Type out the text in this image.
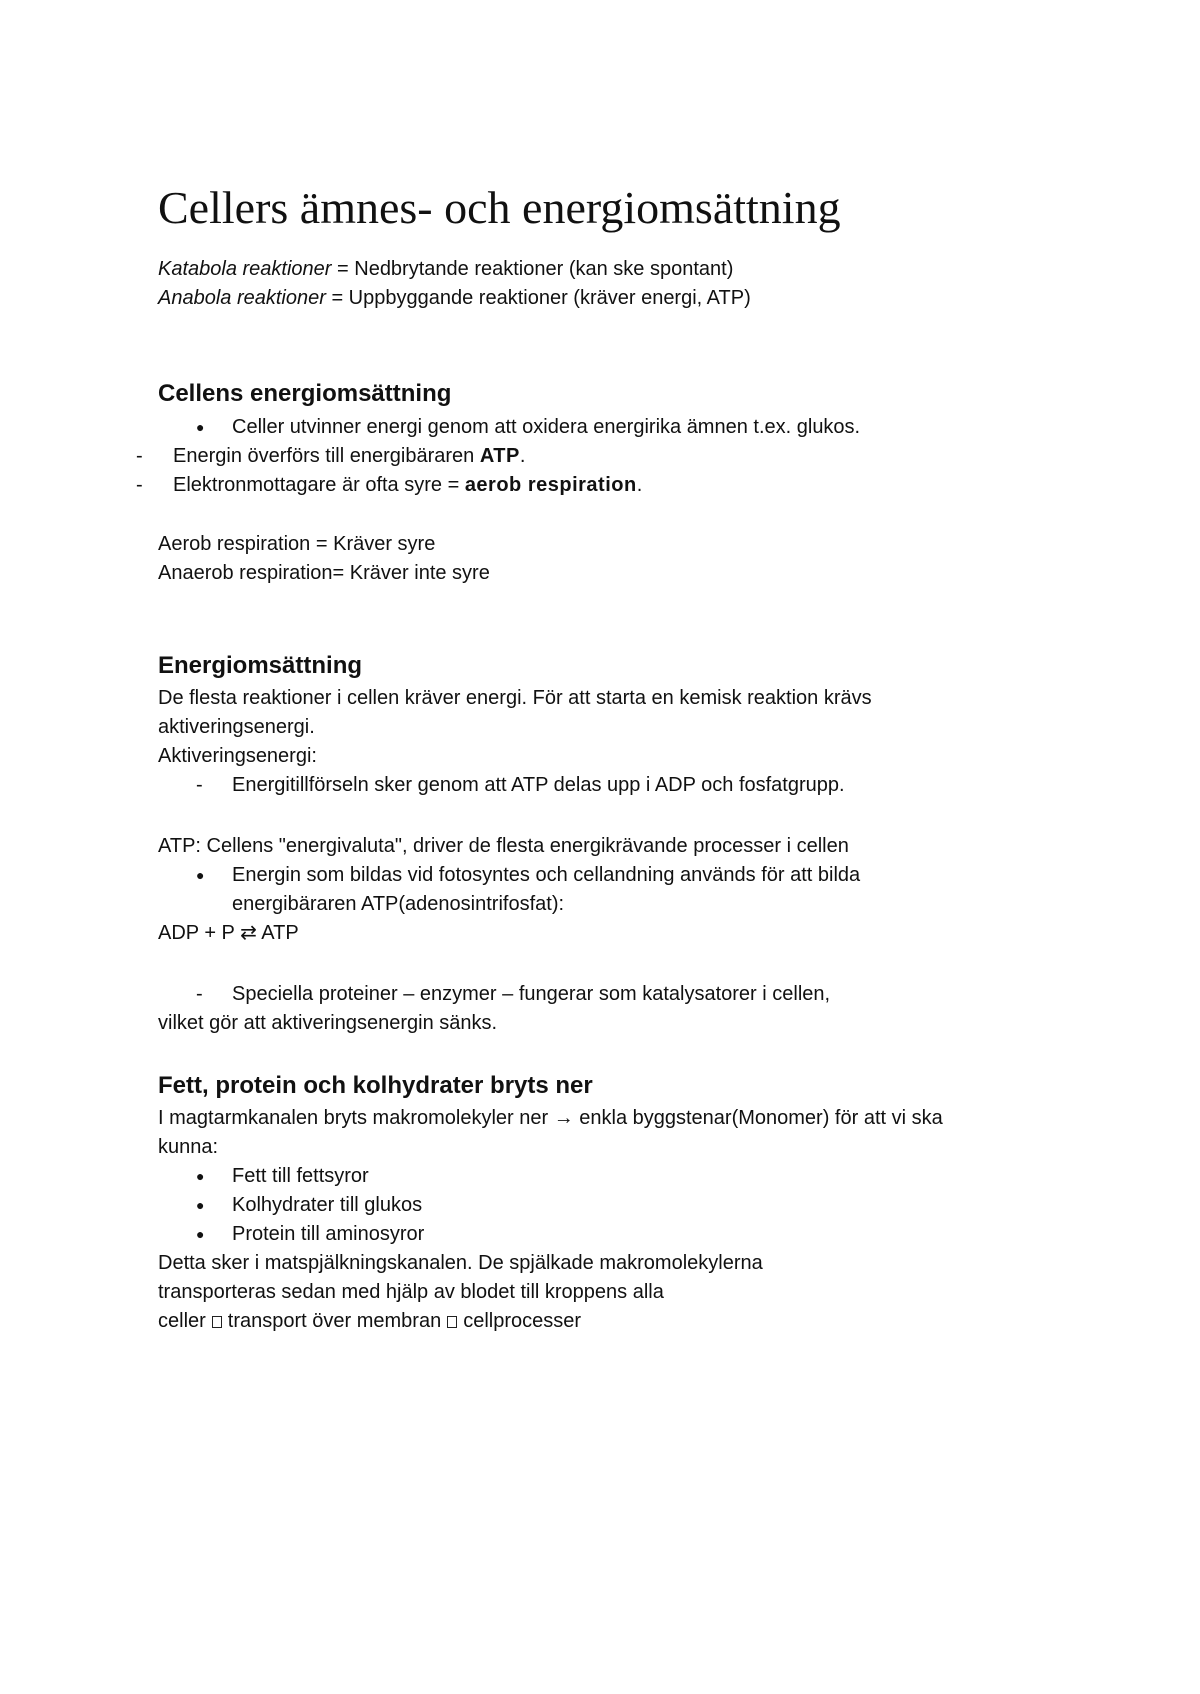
Cellers ämnes- och energiomsättning
Katabola reaktioner = Nedbrytande reaktioner (kan ske spontant)
Anabola reaktioner = Uppbyggande reaktioner (kräver energi, ATP)
Cellens energiomsättning
● Celler utvinner energi genom att oxidera energirika ämnen t.ex. glukos.
- Energin överförs till energibäraren ATP.
- Elektronmottagare är ofta syre = aerob respiration.
Aerob respiration = Kräver syre
Anaerob respiration= Kräver inte syre
Energiomsättning
De flesta reaktioner i cellen kräver energi. För att starta en kemisk reaktion krävs
aktiveringsenergi.
Aktiveringsenergi:
- Energitillförseln sker genom att ATP delas upp i ADP och fosfatgrupp.
ATP: Cellens "energivaluta", driver de flesta energikrävande processer i cellen
● Energin som bildas vid fotosyntes och cellandning används för att bilda
energibäraren ATP(adenosintrifosfat):
ADP + P ⇄ ATP
- Speciella proteiner – enzymer – fungerar som katalysatorer i cellen,
vilket gör att aktiveringsenergin sänks.
Fett, protein och kolhydrater bryts ner
I magtarmkanalen bryts makromolekyler ner → enkla byggstenar(Monomer) för att vi ska
kunna:
● Fett till fettsyror
● Kolhydrater till glukos
● Protein till aminosyror
Detta sker i matspjälkningskanalen. De spjälkade makromolekylerna
transporteras sedan med hjälp av blodet till kroppens alla
celler transport över membran cellprocesser
